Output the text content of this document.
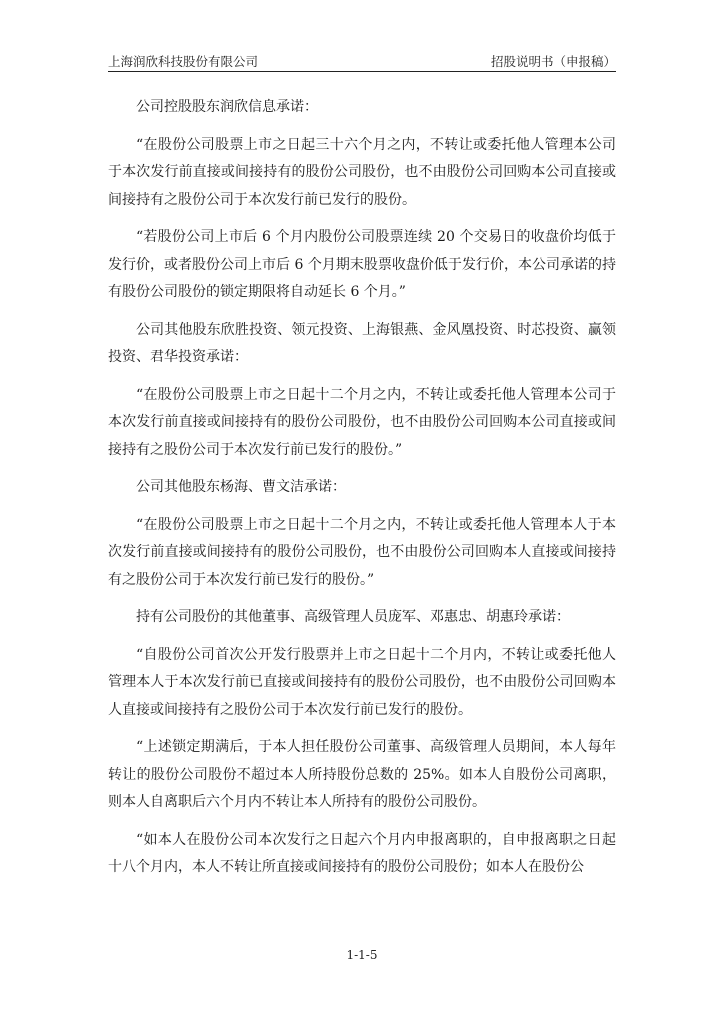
上海润欣科技股份有限公司	招股说明书（申报稿）

公司控股股东润欣信息承诺：

“在股份公司股票上市之日起三十六个月之内，不转让或委托他人管理本公司于本次发行前直接或间接持有的股份公司股份，也不由股份公司回购本公司直接或间接持有之股份公司于本次发行前已发行的股份。

“若股份公司上市后 6 个月内股份公司股票连续 20 个交易日的收盘价均低于发行价，或者股份公司上市后 6 个月期末股票收盘价低于发行价，本公司承诺的持有股份公司股份的锁定期限将自动延长 6 个月。”

公司其他股东欣胜投资、领元投资、上海银燕、金风凰投资、时芯投资、赢领投资、君华投资承诺：

“在股份公司股票上市之日起十二个月之内，不转让或委托他人管理本公司于本次发行前直接或间接持有的股份公司股份，也不由股份公司回购本公司直接或间接持有之股份公司于本次发行前已发行的股份。”

公司其他股东杨海、曹文洁承诺：

“在股份公司股票上市之日起十二个月之内，不转让或委托他人管理本人于本次发行前直接或间接持有的股份公司股份，也不由股份公司回购本人直接或间接持有之股份公司于本次发行前已发行的股份。”

持有公司股份的其他董事、高级管理人员庞军、邓惠忠、胡惠玲承诺：

“自股份公司首次公开发行股票并上市之日起十二个月内，不转让或委托他人管理本人于本次发行前已直接或间接持有的股份公司股份，也不由股份公司回购本人直接或间接持有之股份公司于本次发行前已发行的股份。

“上述锁定期满后，于本人担任股份公司董事、高级管理人员期间，本人每年转让的股份公司股份不超过本人所持股份总数的 25%。如本人自股份公司离职，则本人自离职后六个月内不转让本人所持有的股份公司股份。

“如本人在股份公司本次发行之日起六个月内申报离职的，自申报离职之日起十八个月内，本人不转让所直接或间接持有的股份公司股份；如本人在股份公

1-1-5
